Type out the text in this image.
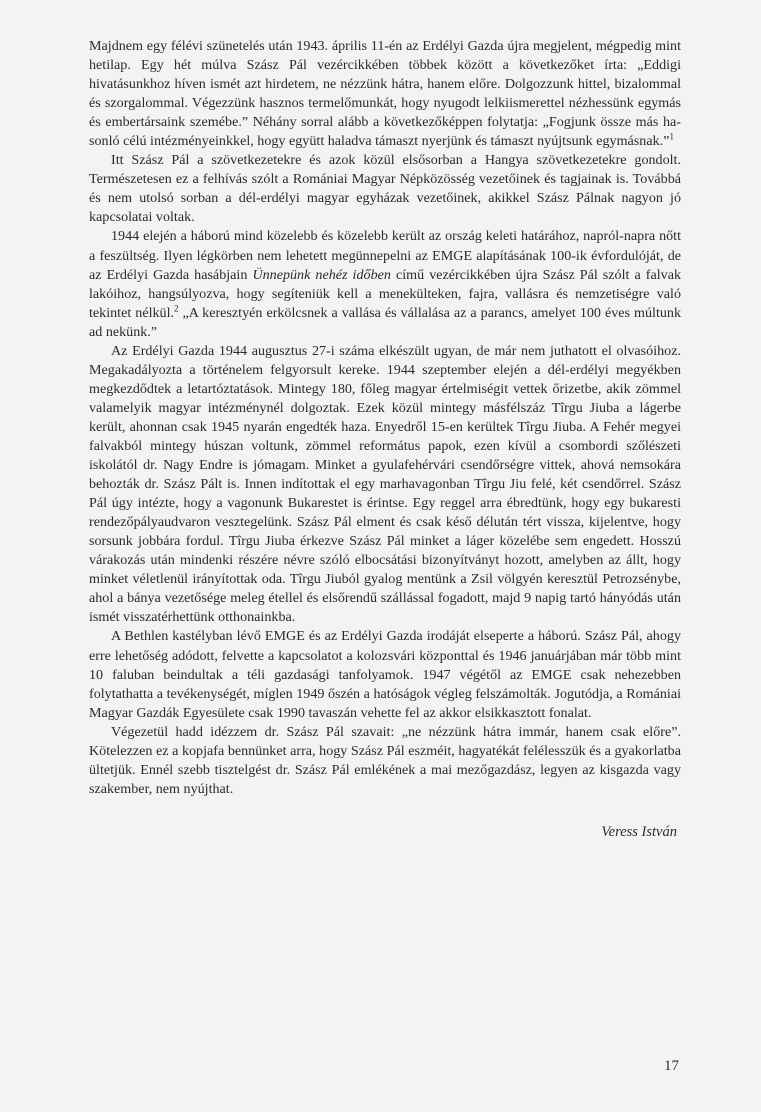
Majdnem egy félévi szünetelés után 1943. április 11-én az Erdélyi Gazda újra megjelent, mégpedig mint hetilap. Egy hét múlva Szász Pál vezércikkében többek között a következőket írta: „Eddigi hivatásunkhoz híven ismét azt hirdetem, ne nézzünk hátra, hanem előre. Dolgozzunk hittel, bizalommal és szorgalommal. Végezzünk hasznos termelőmunkát, hogy nyugodt lelkiismerettel nézhessünk egymás és embertársaink szemébe.” Néhány sorral alább a következőképpen folytatja: „Fogjunk össze más hasonló célú intézményeinkkel, hogy együtt haladva támaszt nyerjünk és támaszt nyújtsunk egymásnak.”$^1$

Itt Szász Pál a szövetkezetekre és azok közül elsősorban a Hangya szövetkezetekre gondolt. Természetesen ez a felhívás szólt a Romániai Magyar Népközösség vezetőinek és tagjainak is. Továbbá és nem utolsó sorban a dél-erdélyi magyar egyházak vezetőinek, akikkel Szász Pálnak nagyon jó kapcsolatai voltak.

1944 elején a háború mind közelebb és közelebb került az ország keleti határához, napról-napra nőtt a feszültség. Ilyen légkörben nem lehetett megünnepelni az EMGE alapításának 100-ik évfordulóját, de az Erdélyi Gazda hasábjain Ünnepünk nehéz időben című vezércikkében újra Szász Pál szólt a falvak lakóihoz, hangsúlyozva, hogy segíteniük kell a menekülteken, fajra, vallásra és nemzetiségre való tekintet nélkül.$^2$ „A keresztyén erkölcsnek a vallása és vállalása az a parancs, amelyet 100 éves múltunk ad nekünk.”

Az Erdélyi Gazda 1944 augusztus 27-i száma elkészült ugyan, de már nem juthatott el olvasóihoz. Megakadályozta a történelem felgyorsult kereke. 1944 szeptember elején a dél-erdélyi megyékben megkezdődtek a letartóztatások. Mintegy 180, főleg magyar értelmiségit vettek őrizetbe, akik zömmel valamelyik magyar intézménynél dolgoztak. Ezek közül mintegy másfélszáz Tîrgu Jiuba a lágerbe került, ahonnan csak 1945 nyarán engedték haza. Enyedről 15-en kerültek Tîrgu Jiuba. A Fehér megyei falvakból mintegy húszan voltunk, zömmel református papok, ezen kívül a csombordi szőlészeti iskolától dr. Nagy Endre is jómagam. Minket a gyulafehérvári csendőrségre vittek, ahová nemsokára behozták dr. Szász Pált is. Innen indítottak el egy marhavagonban Tîrgu Jiu felé, két csendőrrel. Szász Pál úgy intézte, hogy a vagonunk Bukarestet is érintse. Egy reggel arra ébredtünk, hogy egy bukaresti rendezőpályaudvaron vesztegelünk. Szász Pál elment és csak késő délután tért vissza, kijelentve, hogy sorsunk jobbára fordul. Tîrgu Jiuba érkezve Szász Pál minket a láger közelébe sem engedett. Hosszú várakozás után mindenki részére névre szóló elbocsátási bizonyítványt hozott, amelyben az állt, hogy minket véletlenül irányítottak oda. Tîrgu Jiuból gyalog mentünk a Zsil völgyén keresztül Petrozsénybe, ahol a bánya vezetősége meleg étellel és elsőrendű szállással fogadott, majd 9 napig tartó hányódás után ismét visszatérhettünk otthonainkba.

A Bethlen kastélyban lévő EMGE és az Erdélyi Gazda irodáját elseperte a háború. Szász Pál, ahogy erre lehetőség adódott, felvette a kapcsolatot a kolozsvári központtal és 1946 januárjában már több mint 10 faluban beindultak a téli gazdasági tanfolyamok. 1947 végétől az EMGE csak nehezebben folytathatta a tevékenységét, míglen 1949 őszén a hatóságok végleg felszámolták. Jogutódja, a Romániai Magyar Gazdák Egyesülete csak 1990 tavaszán vehette fel az akkor elsikkasztott fonalat.

Végezetül hadd idézzem dr. Szász Pál szavait: „ne nézzünk hátra immár, hanem csak előre”. Kötelezzen ez a kopjafa bennünket arra, hogy Szász Pál eszméit, hagyatékát felélesszük és a gyakorlatba ültetjük. Ennél szebb tisztelgést dr. Szász Pál emlékének a mai mezőgazdász, legyen az kisgazda vagy szakember, nem nyújthat.

Veress István
17
